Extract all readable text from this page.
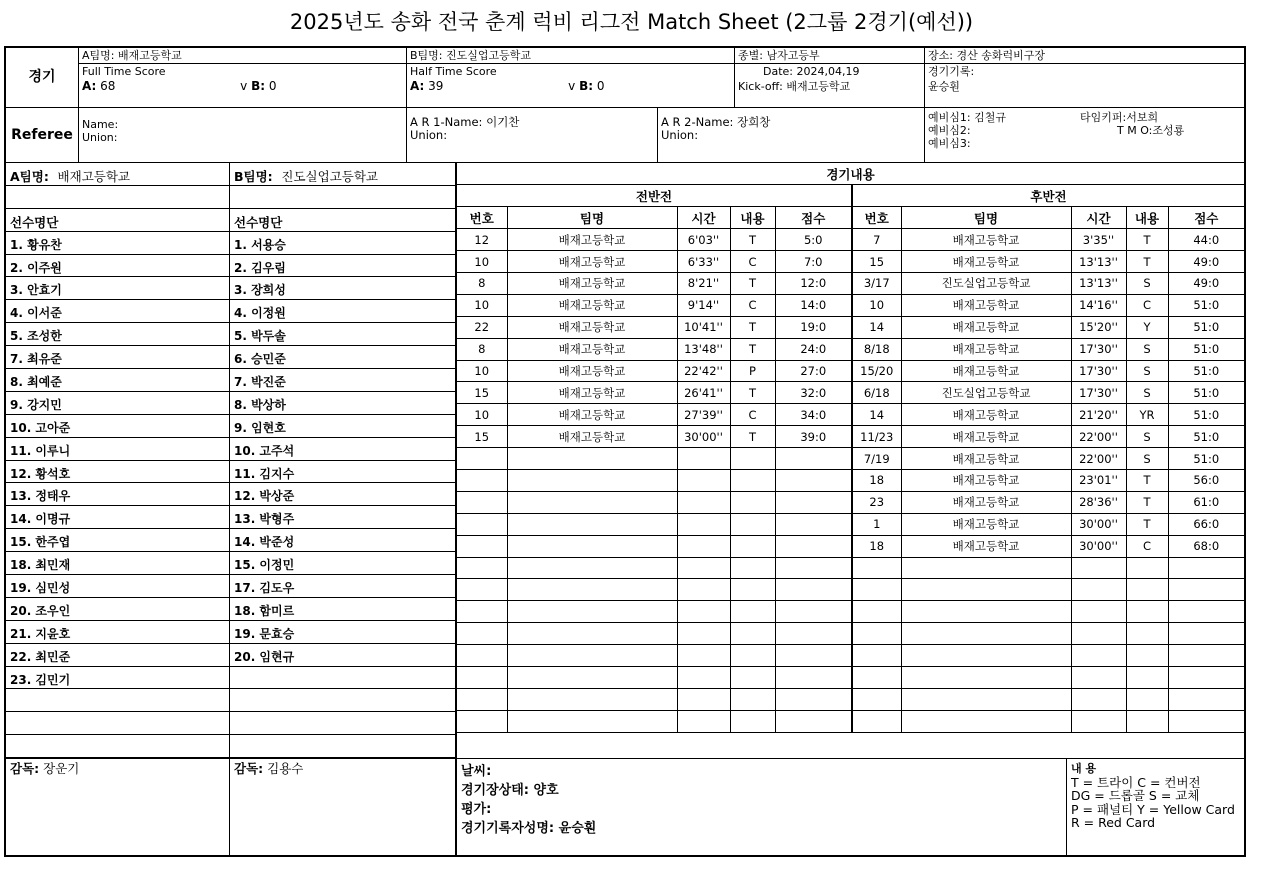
2025년도 송화 전국 춘계 럭비 리그전 Match Sheet (2그룹 2경기(예선))
경기
A팀명: 배재고등학교
Full Time Score
A: 68	v B: 0
B팀명: 진도실업고등학교
Half Time Score
A: 39	v B: 0
종별: 남자고등부
Date: 2024,04,19
Kick-off: 배재고등학교
장소: 경산 송화럭비구장
경기기록:
윤승훤
Referee
Name:
Union:
A R 1-Name: 이기찬
Union:
A R 2-Name: 장희창
Union:
예비심1: 김철규
예비심2:
예비심3:
타임키퍼:서보희
T M O:조성룡
A팀명: 배재고등학교
선수명단
1. 황유찬
2. 이주원
3. 안효기
4. 이서준
5. 조성한
7. 최유준
8. 최예준
9. 강지민
10. 고아준
11. 이루니
12. 황석호
13. 정태우
14. 이명규
15. 한주엽
18. 최민재
19. 심민성
20. 조우인
21. 지윤호
22. 최민준
23. 김민기
B팀명: 진도실업고등학교
선수명단
1. 서용승
2. 김우림
3. 장희성
4. 이정원
5. 박두솔
6. 승민준
7. 박진준
8. 박상하
9. 임현호
10. 고주석
11. 김지수
12. 박상준
13. 박형주
14. 박준성
15. 이정민
17. 김도우
18. 함미르
19. 문효승
20. 임현규
경기내용									
전반전					후반전				
번호	팀명	시간	내용	점수	번호	팀명	시간	내용	점수
12	배재고등학교	6'03''	T	5:0	7	배재고등학교	3'35''	T	44:0
10	배재고등학교	6'33''	C	7:0	15	배재고등학교	13'13''	T	49:0
8	배재고등학교	8'21''	T	12:0	3/17	진도실업고등학교	13'13''	S	49:0
10	배재고등학교	9'14''	C	14:0	10	배재고등학교	14'16''	C	51:0
22	배재고등학교	10'41''	T	19:0	14	배재고등학교	15'20''	Y	51:0
8	배재고등학교	13'48''	T	24:0	8/18	배재고등학교	17'30''	S	51:0
10	배재고등학교	22'42''	P	27:0	15/20	배재고등학교	17'30''	S	51:0
15	배재고등학교	26'41''	T	32:0	6/18	진도실업고등학교	17'30''	S	51:0
10	배재고등학교	27'39''	C	34:0	14	배재고등학교	21'20''	YR	51:0
15	배재고등학교	30'00''	T	39:0	11/23	배재고등학교	22'00''	S	51:0
					7/19	배재고등학교	22'00''	S	51:0
					18	배재고등학교	23'01''	T	56:0
					23	배재고등학교	28'36''	T	61:0
					1	배재고등학교	30'00''	T	66:0
					18	배재고등학교	30'00''	C	68:0

감독: 장운기	감독: 김용수	날씨:
경기장상태: 양호
평가:
경기기록자성명: 윤승훤
내 용
T = 트라이 C = 컨버전
DG = 드롭골 S = 교체
P = 패널티 Y = Yellow Card
R = Red Card
